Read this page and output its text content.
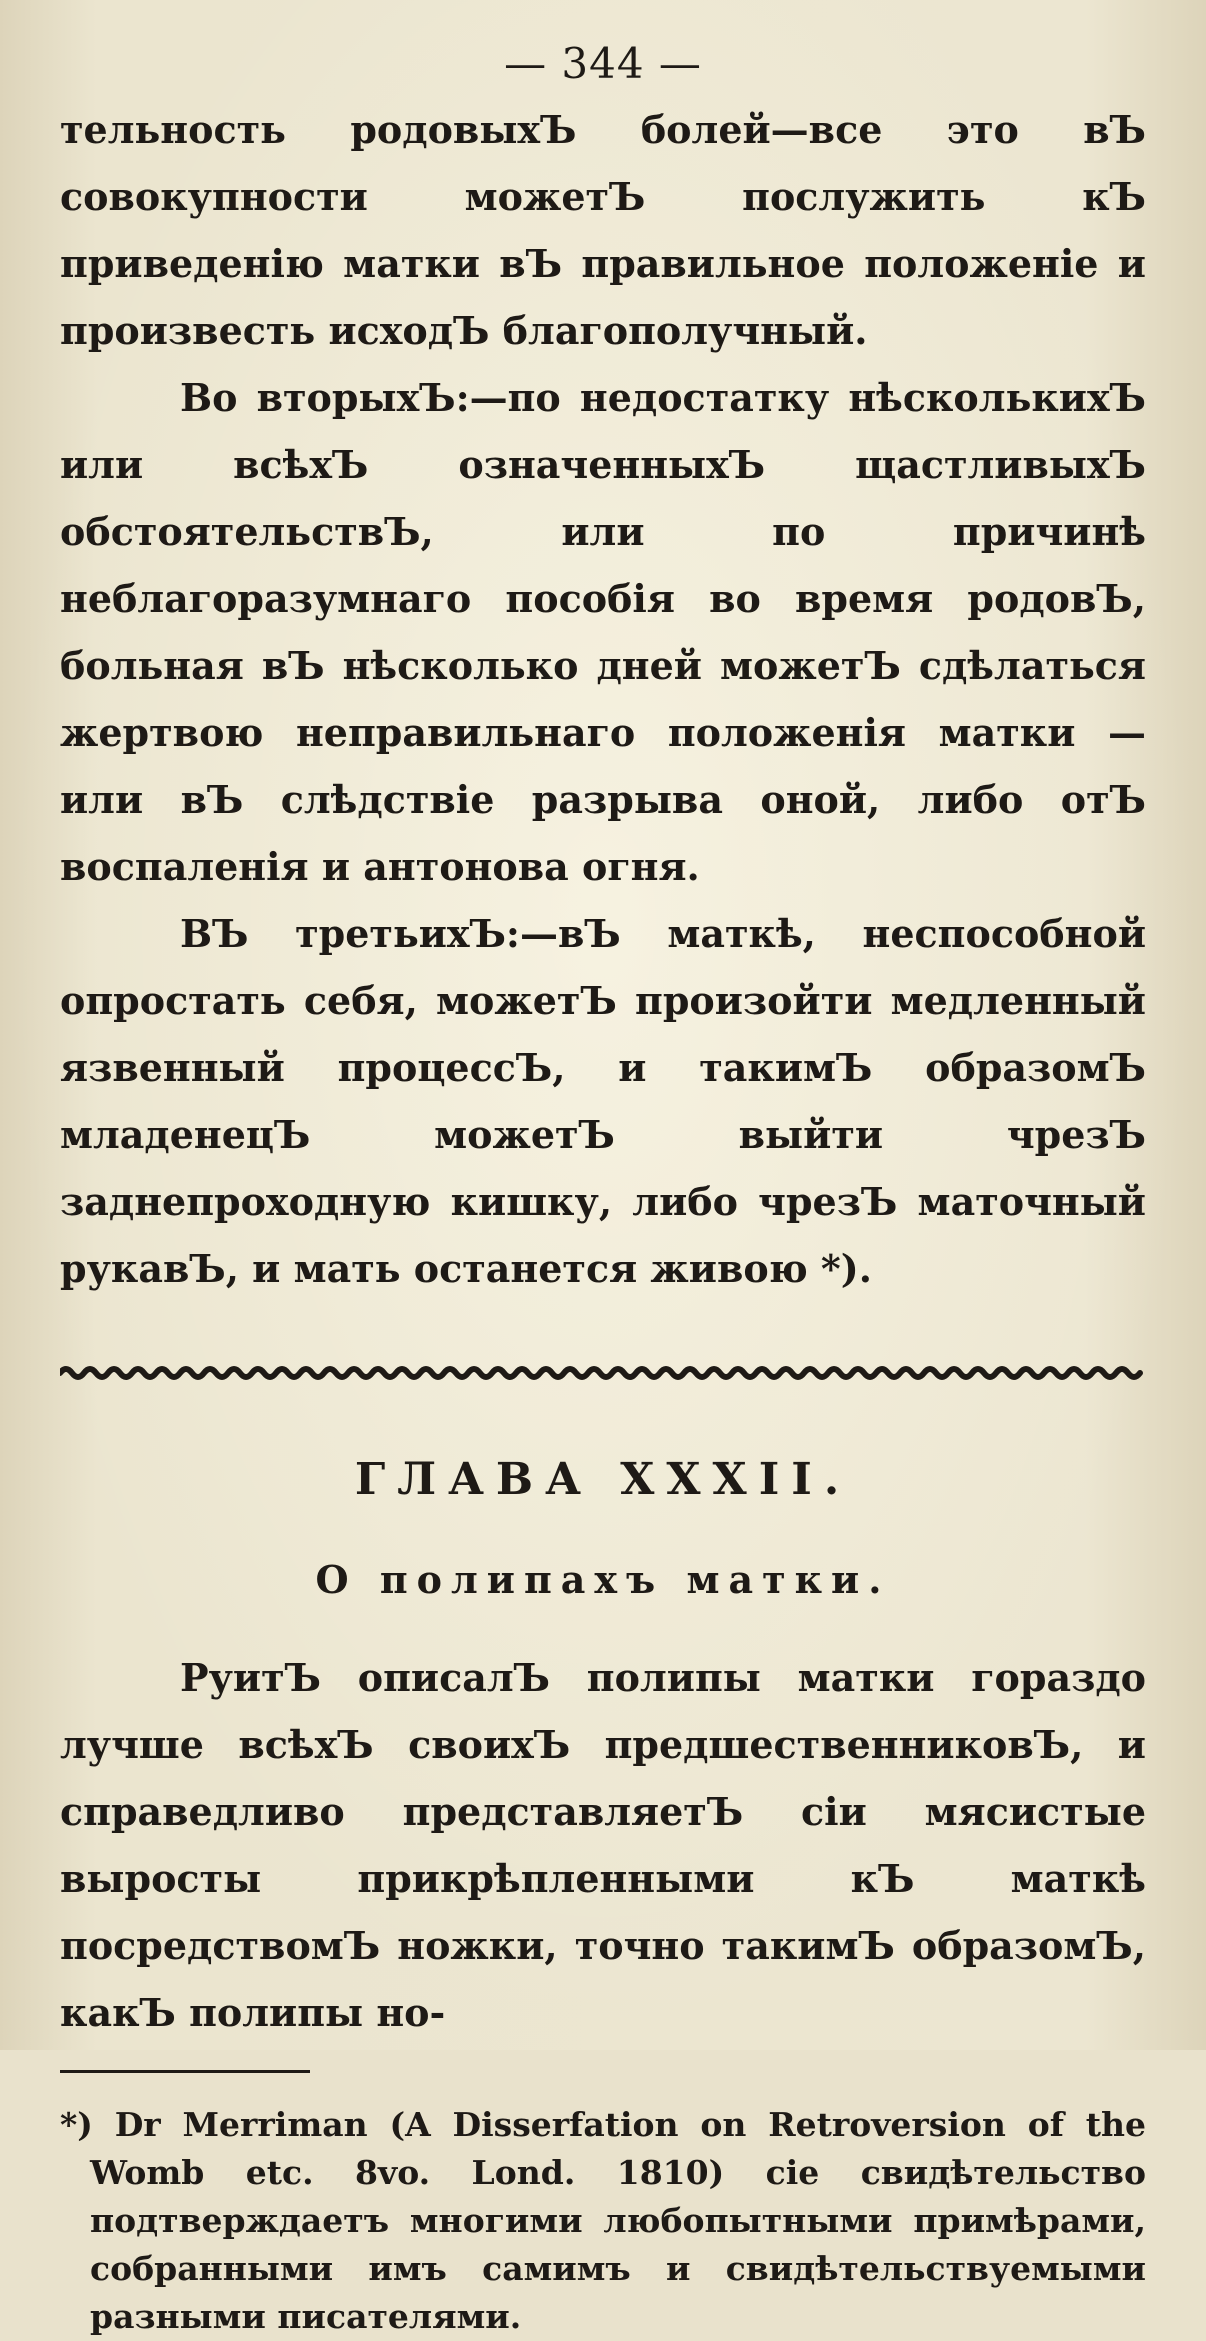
— 344 —

тельность родовыхЪ болей—все это вЪ совокупности можетЪ послужить кЪ приведенію матки вЪ правильное положеніе и произвесть исходЪ благополучный.

Во вторыхЪ:—по недостатку нѣсколькихЪ или всѣхЪ означенныхЪ щастливыхЪ обстоятельствЪ, или по причинѣ неблагоразумнаго пособія во время родовЪ, больная вЪ нѣсколько дней можетЪ сдѣлаться жертвою неправильнаго положенія матки — или вЪ слѣдствіе разрыва оной, либо отЪ воспаленія и антонова огня.

ВЪ третьихЪ:—вЪ маткѣ, неспособной опростать себя, можетЪ произойти медленный язвенный процессЪ, и такимЪ образомЪ младенецЪ можетЪ выйти чрезЪ заднепроходную кишку, либо чрезЪ маточный рукавЪ, и мать останется живою *).

ГЛАВА XXXII.
О полипахъ матки.

РуитЪ описалЪ полипы матки гораздо лучше всѣхЪ своихЪ предшественниковЪ, и справедливо представляетЪ сіи мясистые выросты прикрѣпленными кЪ маткѣ посредствомЪ ножки, точно такимЪ образомЪ, какЪ полипы но-

*) Dr Merriman (A Disserfation on Retroversion of the Womb etc. 8vo. Lond. 1810) сіе свидѣтельство подтверждаетъ многими любопытными примѣрами, собранными имъ самимъ и свидѣтельствуемыми разными писателями.
